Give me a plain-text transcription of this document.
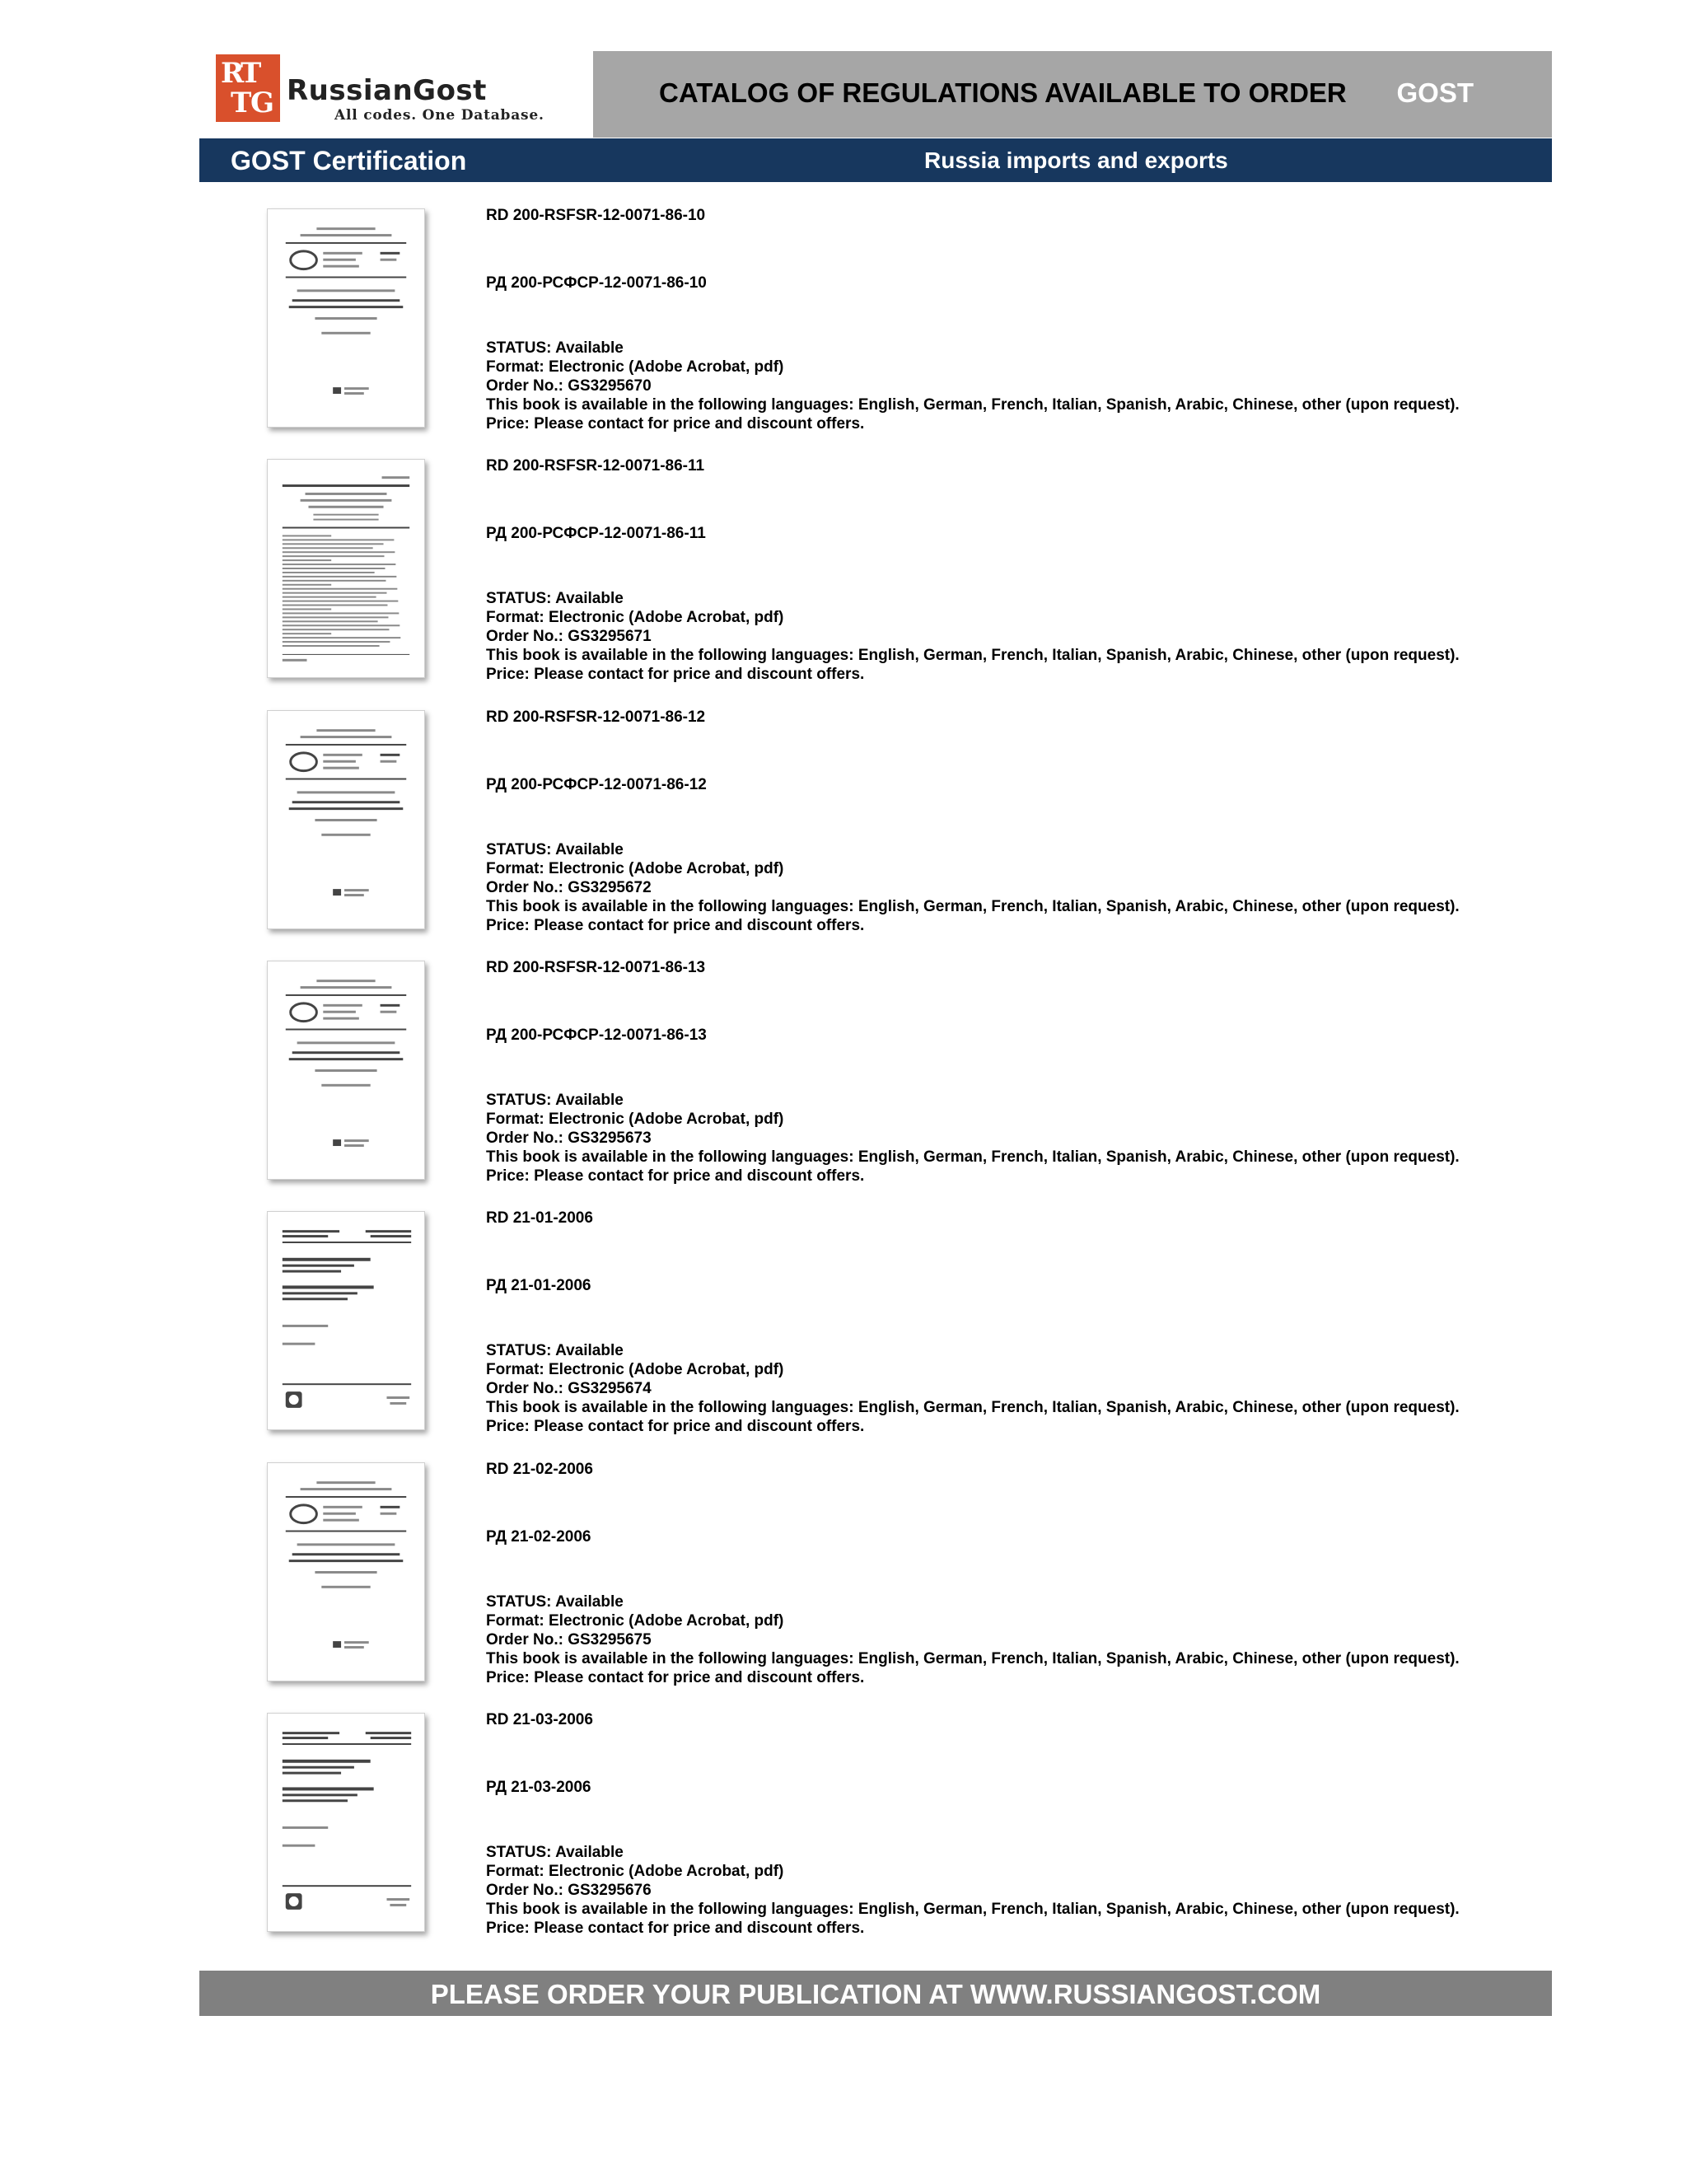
R
T
T
G RussianGost
All codes. One Database.
CATALOG OF REGULATIONS AVAILABLE TO ORDER GOST
GOST Certification	Russia imports and exports
RD 200-RSFSR-12-0071-86-10
РД 200-РСФСР-12-0071-86-10
STATUS: Available
Format: Electronic (Adobe Acrobat, pdf)
Order No.: GS3295670
This book is available in the following languages: English, German, French, Italian, Spanish, Arabic, Chinese, other (upon request).
Price: Please contact for price and discount offers.
RD 200-RSFSR-12-0071-86-11
РД 200-РСФСР-12-0071-86-11
STATUS: Available
Format: Electronic (Adobe Acrobat, pdf)
Order No.: GS3295671
This book is available in the following languages: English, German, French, Italian, Spanish, Arabic, Chinese, other (upon request).
Price: Please contact for price and discount offers.
RD 200-RSFSR-12-0071-86-12
РД 200-РСФСР-12-0071-86-12
STATUS: Available
Format: Electronic (Adobe Acrobat, pdf)
Order No.: GS3295672
This book is available in the following languages: English, German, French, Italian, Spanish, Arabic, Chinese, other (upon request).
Price: Please contact for price and discount offers.
RD 200-RSFSR-12-0071-86-13
РД 200-РСФСР-12-0071-86-13
STATUS: Available
Format: Electronic (Adobe Acrobat, pdf)
Order No.: GS3295673
This book is available in the following languages: English, German, French, Italian, Spanish, Arabic, Chinese, other (upon request).
Price: Please contact for price and discount offers.
RD 21-01-2006
РД 21-01-2006
STATUS: Available
Format: Electronic (Adobe Acrobat, pdf)
Order No.: GS3295674
This book is available in the following languages: English, German, French, Italian, Spanish, Arabic, Chinese, other (upon request).
Price: Please contact for price and discount offers.
RD 21-02-2006
РД 21-02-2006
STATUS: Available
Format: Electronic (Adobe Acrobat, pdf)
Order No.: GS3295675
This book is available in the following languages: English, German, French, Italian, Spanish, Arabic, Chinese, other (upon request).
Price: Please contact for price and discount offers.
RD 21-03-2006
РД 21-03-2006
STATUS: Available
Format: Electronic (Adobe Acrobat, pdf)
Order No.: GS3295676
This book is available in the following languages: English, German, French, Italian, Spanish, Arabic, Chinese, other (upon request).
Price: Please contact for price and discount offers.
PLEASE ORDER YOUR PUBLICATION AT WWW.RUSSIANGOST.COM
